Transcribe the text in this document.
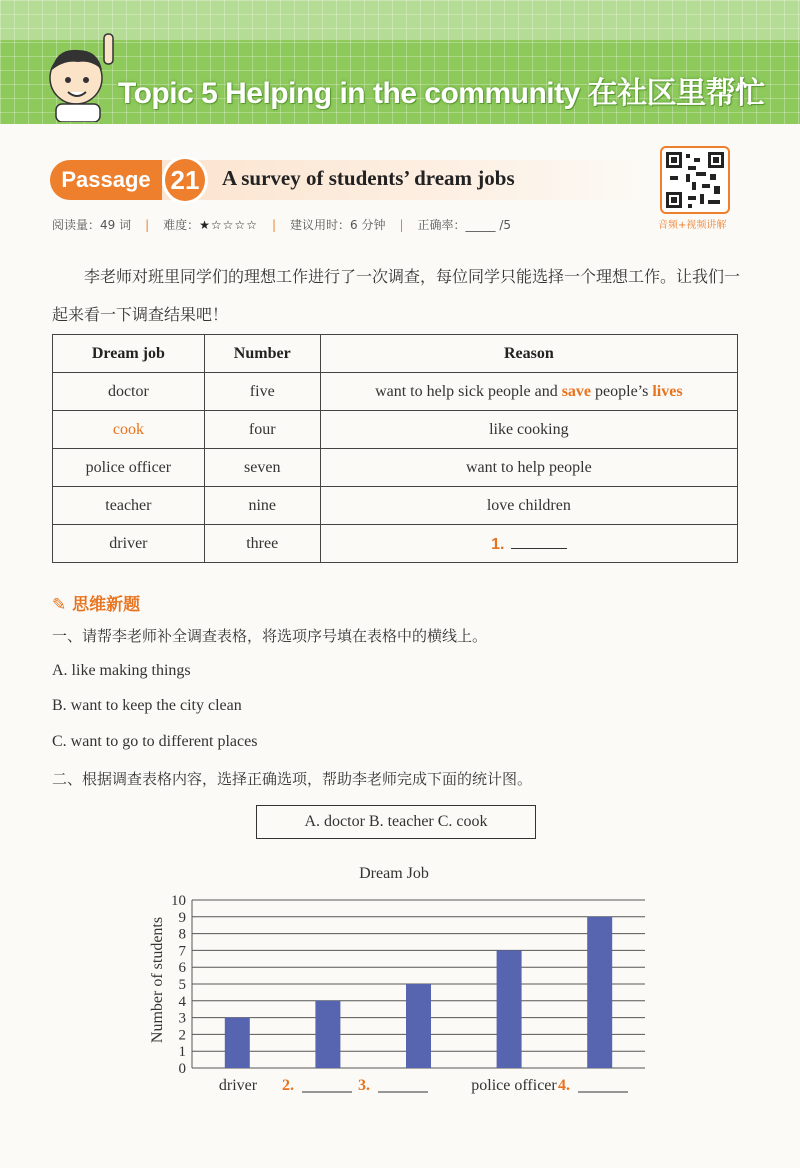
Topic 5 Helping in the community 在社区里帮忙
Passage 21	A survey of students’ dream jobs
音频+视频讲解
阅读量：49 词 | 难度：★☆☆☆☆ | 建议用时：6 分钟 | 正确率：_____ /5
李老师对班里同学们的理想工作进行了一次调查，每位同学只能选择一个理想工作。让我们一起来看一下调查结果吧！
Dream job	Number	Reason
doctor	five	want to help sick people and save people’s lives
cook	four	like cooking
police officer	seven	want to help people
teacher	nine	love children
driver	three	1.
✎ 思维新题
一、请帮李老师补全调查表格，将选项序号填在表格中的横线上。
A. like making things
B. want to keep the city clean
C. want to go to different places
二、根据调查表格内容，选择正确选项，帮助李老师完成下面的统计图。
A. doctor B. teacher C. cook
Dream Job
Number of students
0
1
2
3
4
5
6
7
8
9
10
driver 2.	3.	police officer 4.
